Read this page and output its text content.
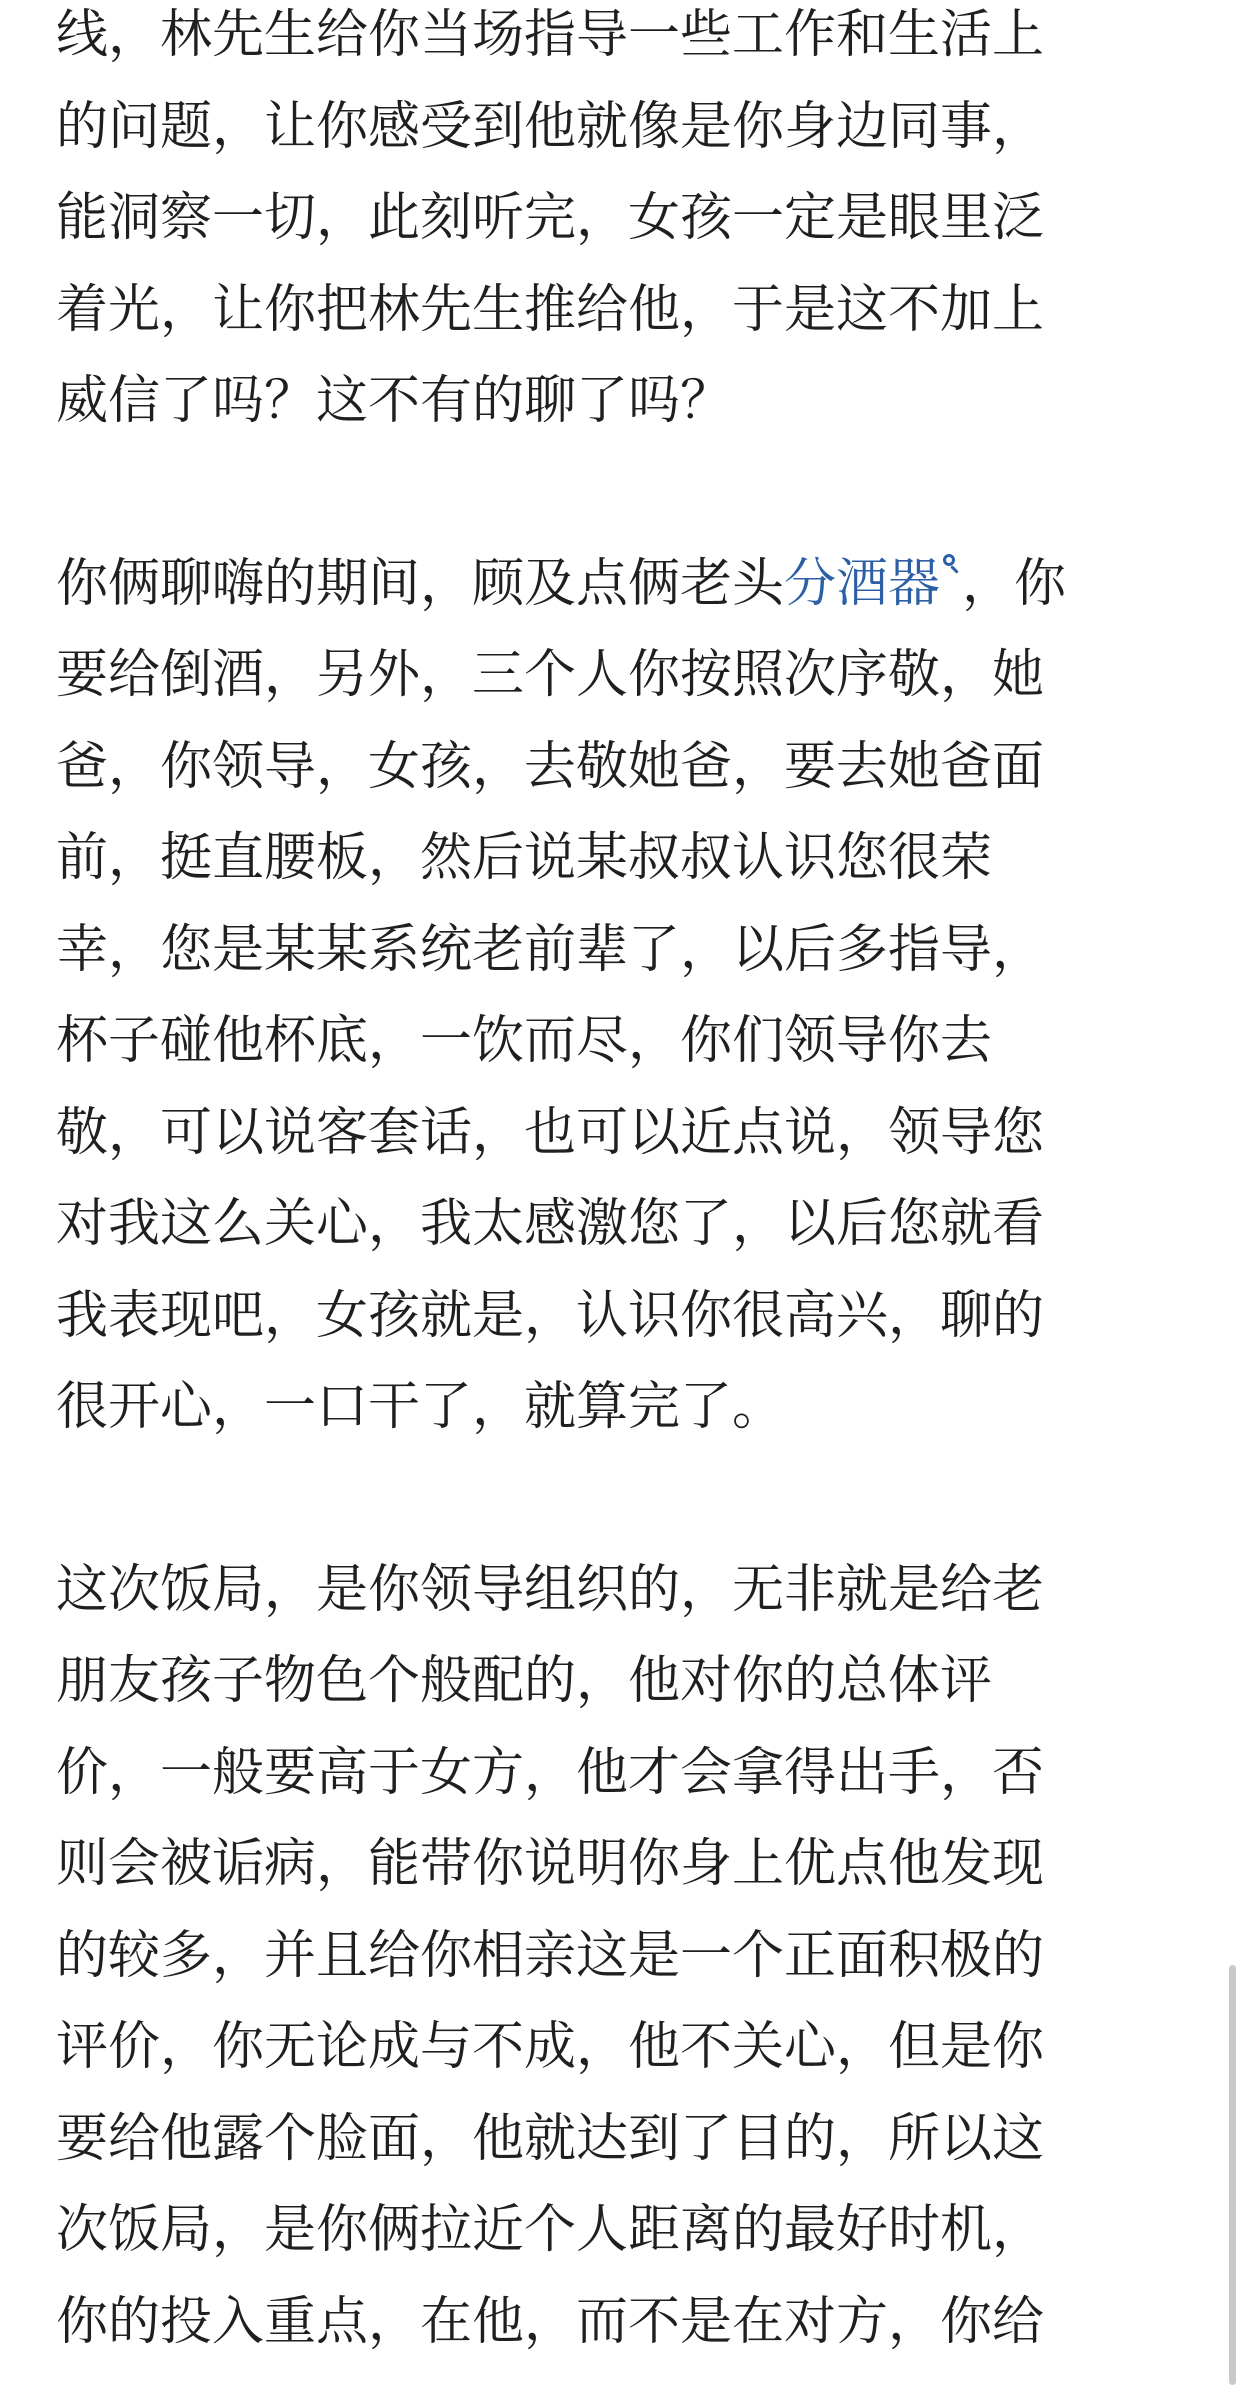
线，林先生给你当场指导一些工作和生活上
的问题，让你感受到他就像是你身边同事，
能洞察一切，此刻听完，女孩一定是眼里泛
着光，让你把林先生推给他，于是这不加上
威信了吗？这不有的聊了吗？
你俩聊嗨的期间，顾及点俩老头分酒器 ，你
要给倒酒，另外，三个人你按照次序敬，她
爸，你领导，女孩，去敬她爸，要去她爸面
前，挺直腰板，然后说某叔叔认识您很荣
幸，您是某某系统老前辈了，以后多指导，
杯子碰他杯底，一饮而尽，你们领导你去
敬，可以说客套话，也可以近点说，领导您
对我这么关心，我太感激您了，以后您就看
我表现吧，女孩就是，认识你很高兴，聊的
很开心，一口干了，就算完了。
这次饭局，是你领导组织的，无非就是给老
朋友孩子物色个般配的，他对你的总体评
价，一般要高于女方，他才会拿得出手，否
则会被诟病，能带你说明你身上优点他发现
的较多，并且给你相亲这是一个正面积极的
评价，你无论成与不成，他不关心，但是你
要给他露个脸面，他就达到了目的，所以这
次饭局，是你俩拉近个人距离的最好时机，
你的投入重点，在他，而不是在对方，你给
